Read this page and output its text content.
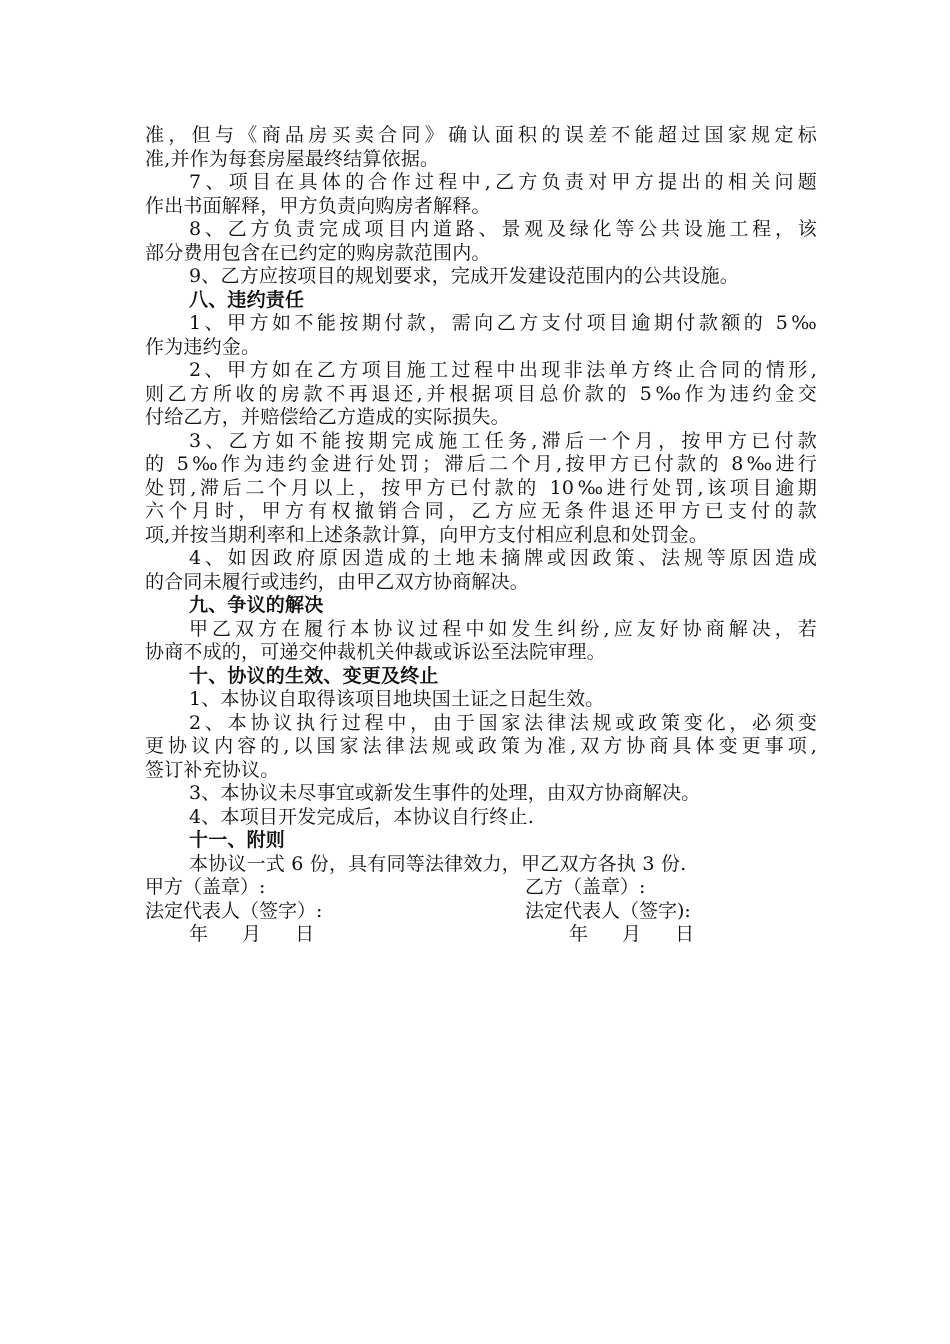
准，但与《商品房买卖合同》确认面积的误差不能超过国家规定标
准,并作为每套房屋最终结算依据。
7、项目在具体的合作过程中,乙方负责对甲方提出的相关问题
作出书面解释，甲方负责向购房者解释。
8、乙方负责完成项目内道路、景观及绿化等公共设施工程，该
部分费用包含在已约定的购房款范围内。
9、乙方应按项目的规划要求，完成开发建设范围内的公共设施。
八、违约责任
1、甲方如不能按期付款，需向乙方支付项目逾期付款额的 5‰
作为违约金。
2、甲方如在乙方项目施工过程中出现非法单方终止合同的情形,
则乙方所收的房款不再退还,并根据项目总价款的 5‰作为违约金交
付给乙方，并赔偿给乙方造成的实际损失。
3、乙方如不能按期完成施工任务,滞后一个月，按甲方已付款
的 5‰作为违约金进行处罚；滞后二个月,按甲方已付款的 8‰进行
处罚,滞后二个月以上，按甲方已付款的 10‰进行处罚,该项目逾期
六个月时，甲方有权撤销合同，乙方应无条件退还甲方已支付的款
项,并按当期利率和上述条款计算，向甲方支付相应利息和处罚金。
4、如因政府原因造成的土地未摘牌或因政策、法规等原因造成
的合同未履行或违约，由甲乙双方协商解决。
九、争议的解决
甲乙双方在履行本协议过程中如发生纠纷,应友好协商解决，若
协商不成的，可递交仲裁机关仲裁或诉讼至法院审理。
十、协议的生效、变更及终止
1、本协议自取得该项目地块国土证之日起生效。
2、本协议执行过程中，由于国家法律法规或政策变化，必须变
更协议内容的,以国家法律法规或政策为准,双方协商具体变更事项,
签订补充协议。
3、本协议未尽事宜或新发生事件的处理，由双方协商解决。
4、本项目开发完成后，本协议自行终止.
十一、附则
本协议一式 6 份，具有同等法律效力，甲乙双方各执 3 份.
甲方（盖章）:	乙方（盖章）:
法定代表人（签字）:	法定代表人（签字):
年 月 日	年 月 日
